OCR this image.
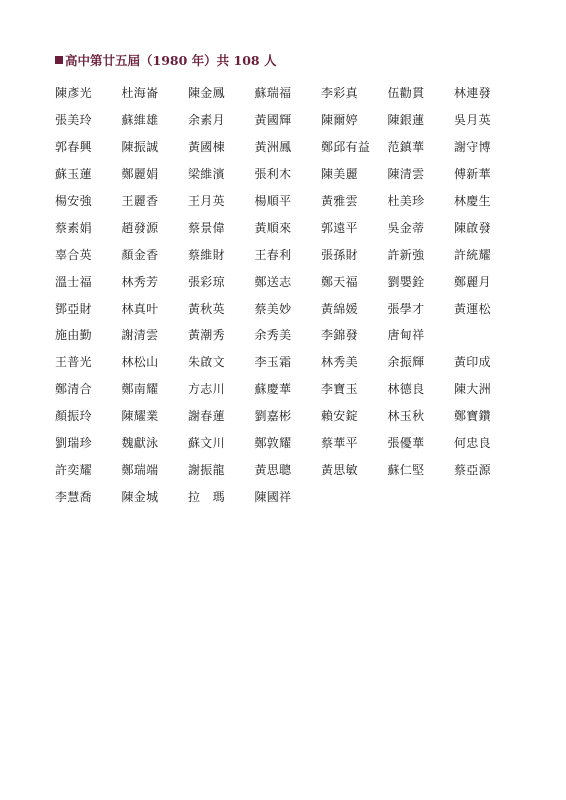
高中第廿五屆（1980 年）共 108 人
陳彥光	杜海崙	陳金鳳	蘇瑞福	李彩真	伍勸貫	林連發
張美玲	蘇維雄	余素月	黃國輝	陳爾婷	陳銀蓮	吳月英
郭春興	陳振誠	黃國棟	黃洲鳳	鄭邱有益	范鎮華	謝守博
蘇玉蓮	鄭麗娟	梁維濱	張利木	陳美麗	陳清雲	傅新華
楊安強	王麗香	王月英	楊順平	黃雅雲	杜美珍	林慶生
蔡素娟	趙發源	蔡景偉	黃順來	郭遠平	吳金蒂	陳啟發
辜合英	顏金香	蔡維財	王春利	張孫財	許新強	許統耀
溫士福	林秀芳	張彩琼	鄭送志	鄭天福	劉嬰銓	鄭麗月
鄧亞財	林真叶	黃秋英	蔡美妙	黃綿媛	張學才	黃運松
施由勤	謝清雲	黃潮秀	余秀美	李錦發	唐甸祥
王普光	林松山	朱啟文	李玉霜	林秀美	余振輝	黃印成
鄭清合	鄭南耀	方志川	蘇慶華	李寶玉	林德良	陳大洲
顏振玲	陳耀業	謝春蓮	劉嘉彬	賴安錠	林玉秋	鄭寶鑽
劉瑞珍	魏獻泳	蘇文川	鄭敦耀	蔡華平	張優華	何忠良
許奕耀	鄭瑞端	謝振龍	黃思聰	黃思敏	蘇仁堅	蔡亞源
李慧喬	陳金城	拉　瑪	陳國祥
